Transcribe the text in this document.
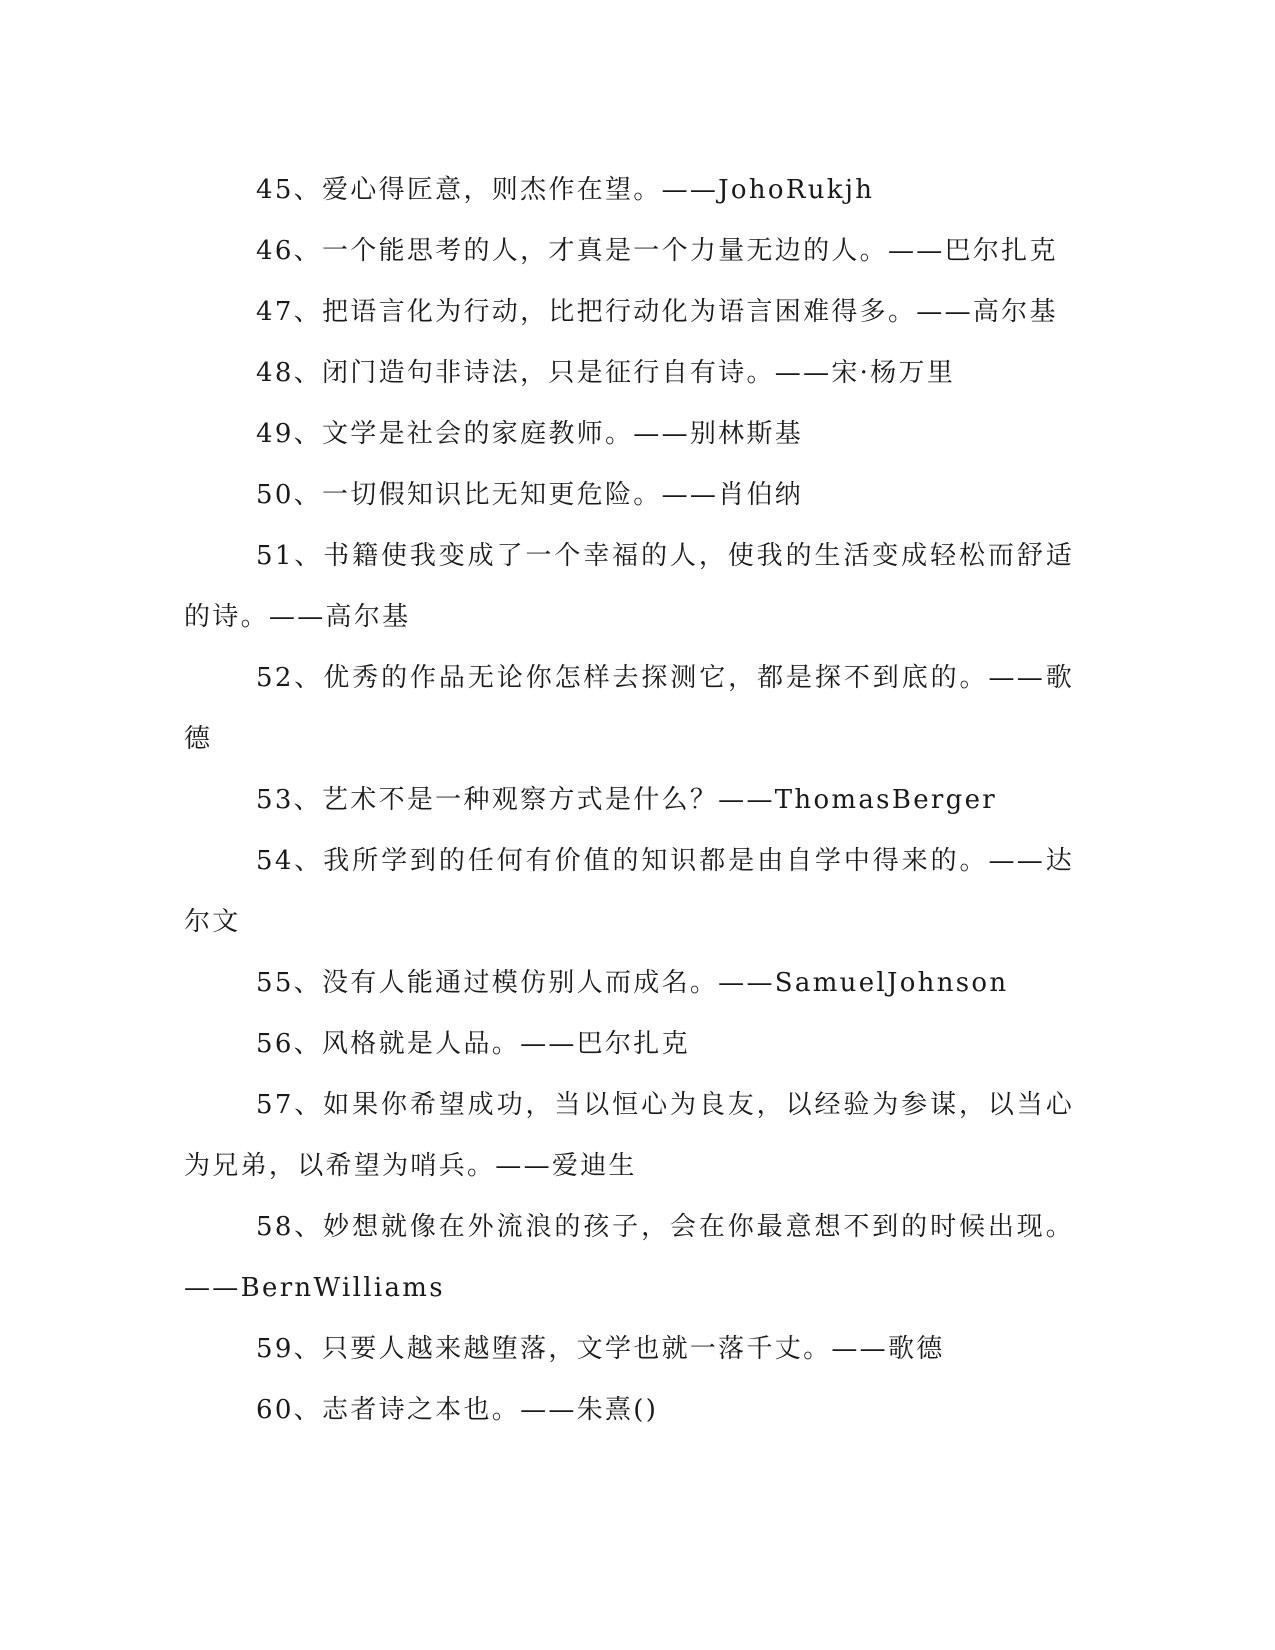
45、爱心得匠意，则杰作在望。——JohoRukjh

46、一个能思考的人，才真是一个力量无边的人。——巴尔扎克

47、把语言化为行动，比把行动化为语言困难得多。——高尔基

48、闭门造句非诗法，只是征行自有诗。——宋·杨万里

49、文学是社会的家庭教师。——别林斯基

50、一切假知识比无知更危险。——肖伯纳

51、书籍使我变成了一个幸福的人，使我的生活变成轻松而舒适的诗。——高尔基

52、优秀的作品无论你怎样去探测它，都是探不到底的。——歌德

53、艺术不是一种观察方式是什么？——ThomasBerger

54、我所学到的任何有价值的知识都是由自学中得来的。——达尔文

55、没有人能通过模仿别人而成名。——SamuelJohnson

56、风格就是人品。——巴尔扎克

57、如果你希望成功，当以恒心为良友，以经验为参谋，以当心为兄弟，以希望为哨兵。——爱迪生

58、妙想就像在外流浪的孩子，会在你最意想不到的时候出现。——BernWilliams

59、只要人越来越堕落，文学也就一落千丈。——歌德

60、志者诗之本也。——朱熹()
